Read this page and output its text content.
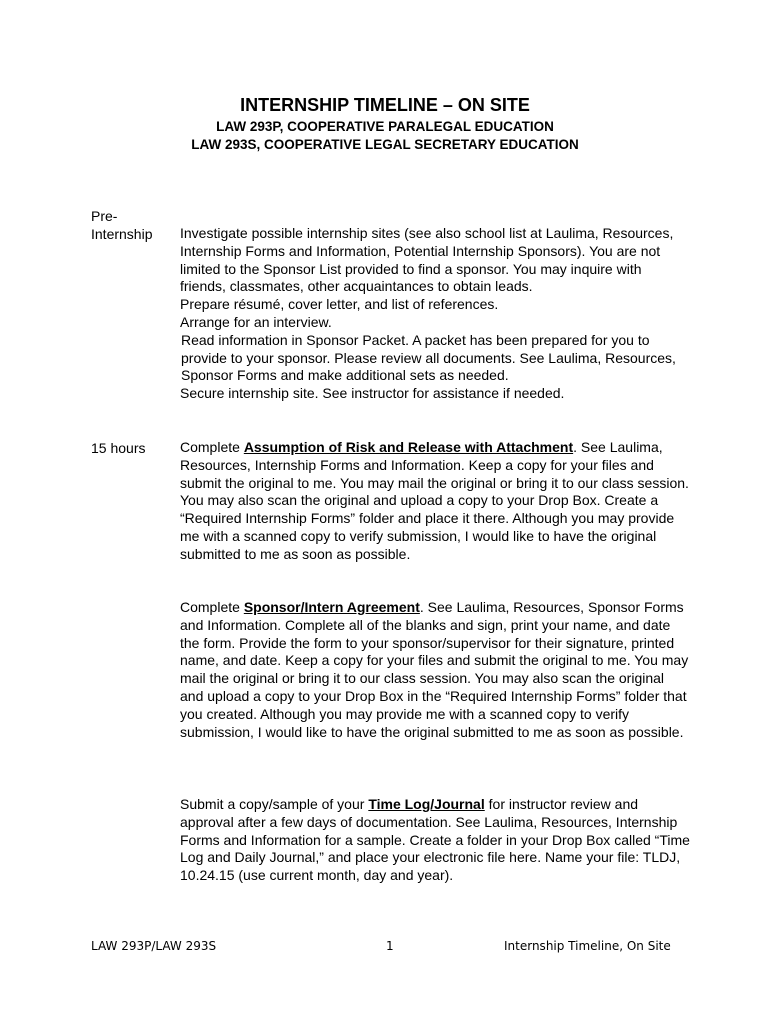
INTERNSHIP TIMELINE – ON SITE
LAW 293P, COOPERATIVE PARALEGAL EDUCATION
LAW 293S, COOPERATIVE LEGAL SECRETARY EDUCATION
Pre-
Internship Investigate possible internship sites (see also school list at Laulima, Resources, Internship Forms and Information, Potential Internship Sponsors). You are not limited to the Sponsor List provided to find a sponsor. You may inquire with friends, classmates, other acquaintances to obtain leads.

Prepare résumé, cover letter, and list of references.

Arrange for an interview.

Read information in Sponsor Packet. A packet has been prepared for you to provide to your sponsor. Please review all documents. See Laulima, Resources, Sponsor Forms and make additional sets as needed.

Secure internship site. See instructor for assistance if needed.

15 hours Complete Assumption of Risk and Release with Attachment. See Laulima, Resources, Internship Forms and Information. Keep a copy for your files and submit the original to me. You may mail the original or bring it to our class session. You may also scan the original and upload a copy to your Drop Box. Create a “Required Internship Forms” folder and place it there. Although you may provide me with a scanned copy to verify submission, I would like to have the original submitted to me as soon as possible.
Complete Sponsor/Intern Agreement. See Laulima, Resources, Sponsor Forms and Information. Complete all of the blanks and sign, print your name, and date the form. Provide the form to your sponsor/supervisor for their signature, printed name, and date. Keep a copy for your files and submit the original to me. You may mail the original or bring it to our class session. You may also scan the original and upload a copy to your Drop Box in the “Required Internship Forms” folder that you created. Although you may provide me with a scanned copy to verify submission, I would like to have the original submitted to me as soon as possible.
Submit a copy/sample of your Time Log/Journal for instructor review and approval after a few days of documentation. See Laulima, Resources, Internship Forms and Information for a sample. Create a folder in your Drop Box called “Time Log and Daily Journal,” and place your electronic file here. Name your file: TLDJ, 10.24.15 (use current month, day and year).
LAW 293P/LAW 293S	1	Internship Timeline, On Site
